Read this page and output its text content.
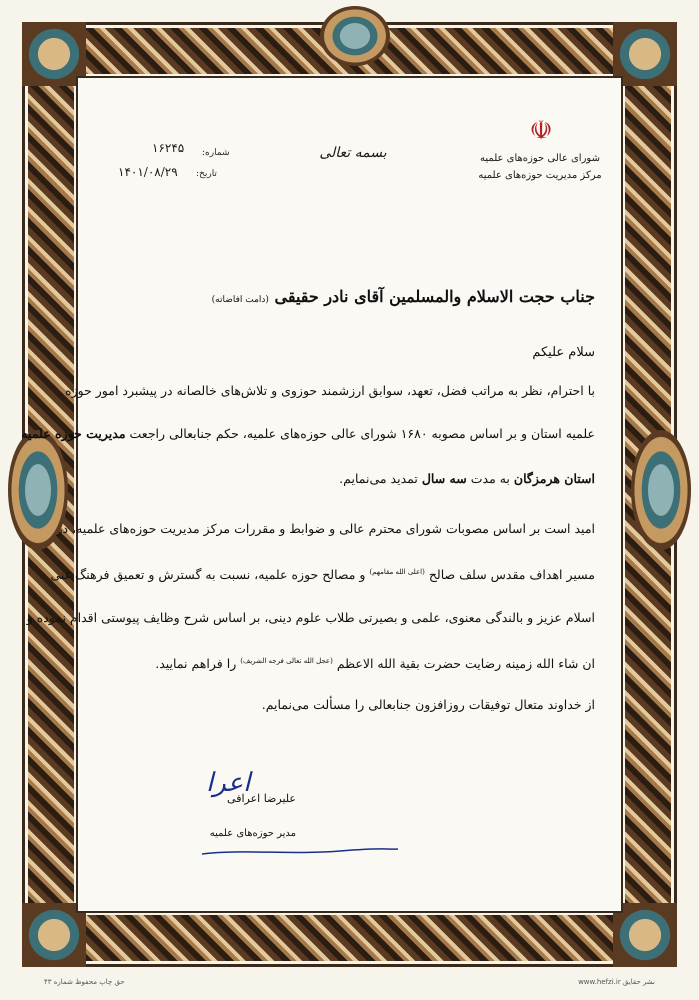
☫
شورای عالی حوزه‌های علمیه
مرکز مدیریت حوزه‌های علمیه
بسمه تعالی
شماره:
۱۶۲۴۵
تاریخ:
۱۴۰۱/۰۸/۲۹
جناب حجت الاسلام والمسلمین آقای نادر حقیقی (دامت افاضاته)
سلام علیکم
با احترام، نظر به مراتب فضل، تعهد، سوابق ارزشمند حوزوی و تلاش‌های خالصانه در پیشبرد امور حوزه
علمیه استان و بر اساس مصوبه ۱۶۸۰ شورای عالی حوزه‌های علمیه، حکم جنابعالی راجعت مدیریت حوزه علمیه
استان هرمزگان به مدت سه سال تمدید می‌نمایم.
امید است بر اساس مصوبات شورای محترم عالی و ضوابط و مقررات مرکز مدیریت حوزه‌های علمیه، در
مسیر اهداف مقدس سلف صالح $^{(اعلی الله مقامهم)}$ و مصالح حوزه علمیه، نسبت به گسترش و تعمیق فرهنگ غنی
اسلام عزیز و بالندگی معنوی، علمی و بصیرتی طلاب علوم دینی، بر اساس شرح وظایف پیوستی اقدام نموده و
ان شاء الله زمینه رضایت حضرت بقیة الله الاعظم $^{(عجل الله تعالی فرجه الشریف)}$ را فراهم نمایید.
از خداوند متعال توفیقات روزافزون جنابعالی را مسألت می‌نمایم.
اعرا
علیرضا اعرافی
مدیر حوزه‌های علمیه
حق چاپ محفوظ شماره ۴۳	نشر حقایق www.hefzi.ir
